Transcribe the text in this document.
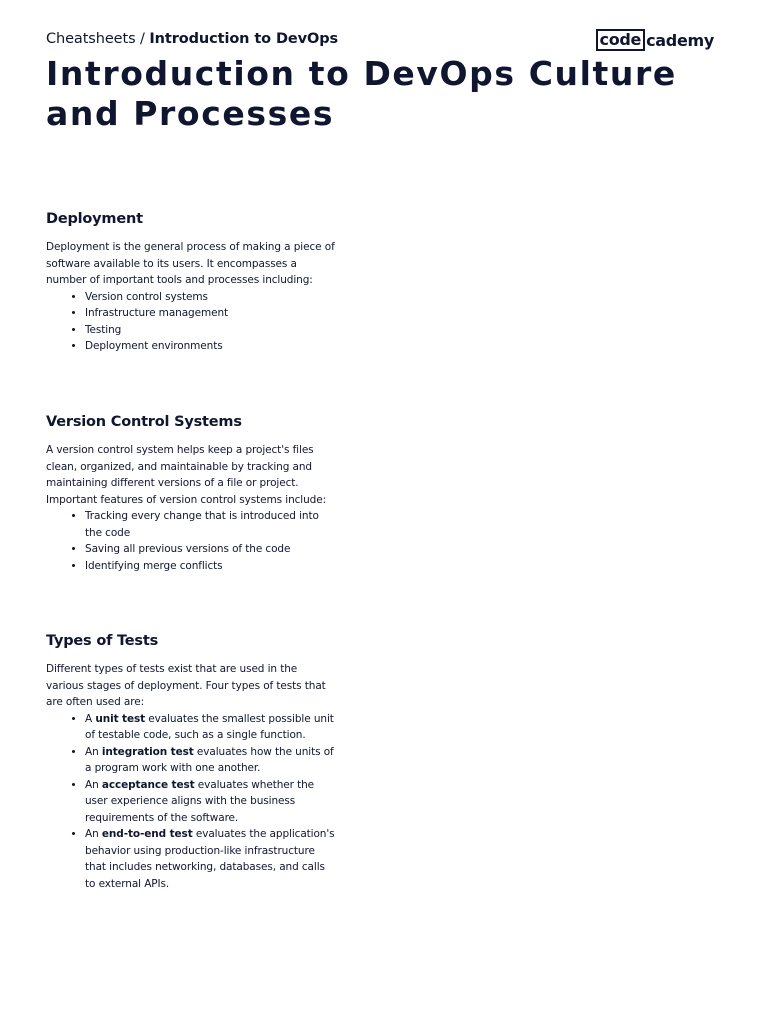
Cheatsheets / Introduction to DevOps	code cademy
Introduction to DevOps Culture and Processes
Deployment

Deployment is the general process of making a piece of software available to its users. It encompasses a number of important tools and processes including:

• Version control systems
• Infrastructure management
• Testing
• Deployment environments
Version Control Systems

A version control system helps keep a project's files clean, organized, and maintainable by tracking and maintaining different versions of a file or project. Important features of version control systems include:

• Tracking every change that is introduced into the code
• Saving all previous versions of the code
• Identifying merge conflicts
Types of Tests

Different types of tests exist that are used in the various stages of deployment. Four types of tests that are often used are:

• A unit test evaluates the smallest possible unit of testable code, such as a single function.
• An integration test evaluates how the units of a program work with one another.
• An acceptance test evaluates whether the user experience aligns with the business requirements of the software.
• An end-to-end test evaluates the application's behavior using production-like infrastructure that includes networking, databases, and calls to external APIs.
